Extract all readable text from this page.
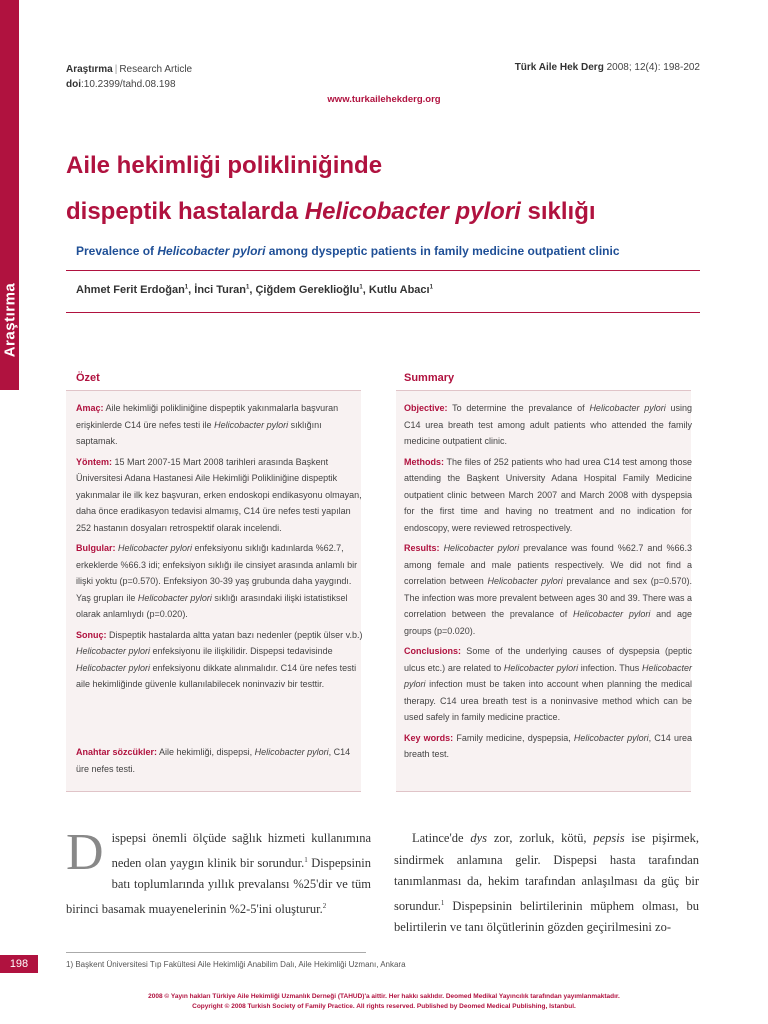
Araştırma
Araştırma | Research Article
doi:10.2399/tahd.08.198
Türk Aile Hek Derg 2008; 12(4): 198-202
www.turkailehekderg.org
Aile hekimliği polikliniğinde
dispeptik hastalarda Helicobacter pylori sıklığı
Prevalence of Helicobacter pylori among dyspeptic patients in family medicine outpatient clinic
Ahmet Ferit Erdoğan$^1$, İnci Turan$^1$, Çiğdem Gereklioğlu$^1$, Kutlu Abacı$^1$
Özet

Amaç: Aile hekimliği polikliniğine dispeptik yakınmalarla başvuran erişkinlerde C14 üre nefes testi ile Helicobacter pylori sıklığını saptamak.

Yöntem: 15 Mart 2007-15 Mart 2008 tarihleri arasında Başkent Üniversitesi Adana Hastanesi Aile Hekimliği Polikliniğine dispeptik yakınmalar ile ilk kez başvuran, erken endoskopi endikasyonu olmayan, daha önce eradikasyon tedavisi almamış, C14 üre nefes testi yapılan 252 hastanın dosyaları retrospektif olarak incelendi.

Bulgular: Helicobacter pylori enfeksiyonu sıklığı kadınlarda %62.7, erkeklerde %66.3 idi; enfeksiyon sıklığı ile cinsiyet arasında anlamlı bir ilişki yoktu (p=0.570). Enfeksiyon 30-39 yaş grubunda daha yaygındı. Yaş grupları ile Helicobacter pylori sıklığı arasındaki ilişki istatistiksel olarak anlamlıydı (p=0.020).

Sonuç: Dispeptik hastalarda altta yatan bazı nedenler (peptik ülser v.b.) Helicobacter pylori enfeksiyonu ile ilişkilidir. Dispepsi tedavisinde Helicobacter pylori enfeksiyonu dikkate alınmalıdır. C14 üre nefes testi aile hekimliğinde güvenle kullanılabilecek noninvaziv bir testtir.

Anahtar sözcükler: Aile hekimliği, dispepsi, Helicobacter pylori, C14 üre nefes testi.
Summary

Objective: To determine the prevalance of Helicobacter pylori using C14 urea breath test among adult patients who attended the family medicine outpatient clinic.

Methods: The files of 252 patients who had urea C14 test among those attending the Başkent University Adana Hospital Family Medicine outpatient clinic between March 2007 and March 2008 with dyspepsia for the first time and having no treatment and no indication for endoscopy, were reviewed retrospectively.

Results: Helicobacter pylori prevalance was found %62.7 and %66.3 among female and male patients respectively. We did not find a correlation between Helicobacter pylori prevalance and sex (p=0.570). The infection was more prevalent between ages 30 and 39. There was a correlation between the prevalance of Helicobacter pylori and age groups (p=0.020).

Conclusions: Some of the underlying causes of dyspepsia (peptic ulcus etc.) are related to Helicobacter pylori infection. Thus Helicobacter pylori infection must be taken into account when planning the medical therapy. C14 urea breath test is a noninvasive method which can be used safely in family medicine practice.

Key words: Family medicine, dyspepsia, Helicobacter pylori, C14 urea breath test.

Dispepsi önemli ölçüde sağlık hizmeti kullanımına neden olan yaygın klinik bir sorundur.$^1$ Dispepsinin batı toplumlarında yıllık prevalansı %25'dir ve tüm birinci basamak muayenelerinin %2-5'ini oluşturur.$^2$
Latince'de dys zor, zorluk, kötü, pepsis ise pişirmek, sindirmek anlamına gelir. Dispepsi hasta tarafından tanımlanması da, hekim tarafından anlaşılması da güç bir sorundur.$^1$ Dispepsinin belirtilerinin müphem olması, bu belirtilerin ve tanı ölçütlerinin gözden geçirilmesini zo-
198	1) Başkent Üniversitesi Tıp Fakültesi Aile Hekimliği Anabilim Dalı, Aile Hekimliği Uzmanı, Ankara
2008 © Yayın hakları Türkiye Aile Hekimliği Uzmanlık Derneği (TAHUD)'a aittir. Her hakkı saklıdır. Deomed Medikal Yayıncılık tarafından yayımlanmaktadır.
Copyright © 2008 Turkish Society of Family Practice. All rights reserved. Published by Deomed Medical Publishing, Istanbul.
